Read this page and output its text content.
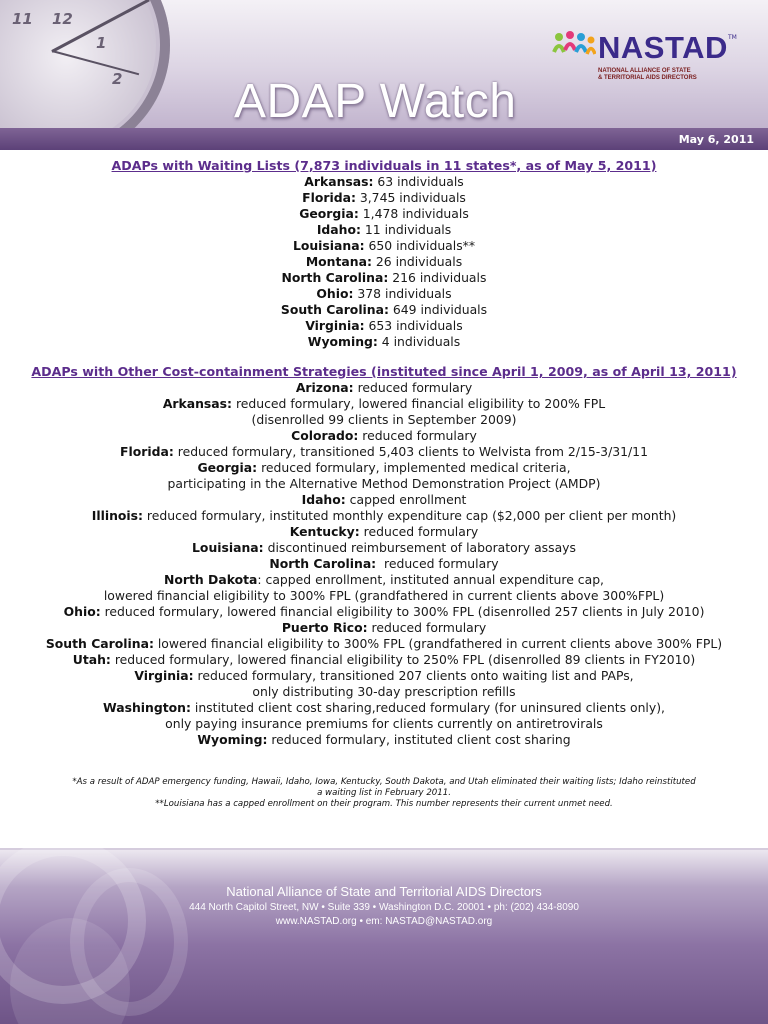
11 12
1
2 ADAP Watch
NASTAD TM
NATIONAL ALLIANCE OF STATE
& TERRITORIAL AIDS DIRECTORS
May 6, 2011
ADAPs with Waiting Lists (7,873 individuals in 11 states*, as of May 5, 2011)
Arkansas: 63 individuals
Florida: 3,745 individuals
Georgia: 1,478 individuals
Idaho: 11 individuals
Louisiana: 650 individuals**
Montana: 26 individuals
North Carolina: 216 individuals
Ohio: 378 individuals
South Carolina: 649 individuals
Virginia: 653 individuals
Wyoming: 4 individuals
ADAPs with Other Cost-containment Strategies (instituted since April 1, 2009, as of April 13, 2011)
Arizona: reduced formulary
Arkansas: reduced formulary, lowered financial eligibility to 200% FPL
(disenrolled 99 clients in September 2009)
Colorado: reduced formulary
Florida: reduced formulary, transitioned 5,403 clients to Welvista from 2/15-3/31/11
Georgia: reduced formulary, implemented medical criteria,
participating in the Alternative Method Demonstration Project (AMDP)
Idaho: capped enrollment
Illinois: reduced formulary, instituted monthly expenditure cap ($2,000 per client per month)
Kentucky: reduced formulary
Louisiana: discontinued reimbursement of laboratory assays
North Carolina:  reduced formulary
North Dakota: capped enrollment, instituted annual expenditure cap,
lowered financial eligibility to 300% FPL (grandfathered in current clients above 300%FPL)
Ohio: reduced formulary, lowered financial eligibility to 300% FPL (disenrolled 257 clients in July 2010)
Puerto Rico: reduced formulary
South Carolina: lowered financial eligibility to 300% FPL (grandfathered in current clients above 300% FPL)
Utah: reduced formulary, lowered financial eligibility to 250% FPL (disenrolled 89 clients in FY2010)
Virginia: reduced formulary, transitioned 207 clients onto waiting list and PAPs,
only distributing 30-day prescription refills
Washington: instituted client cost sharing,reduced formulary (for uninsured clients only),
only paying insurance premiums for clients currently on antiretrovirals
Wyoming: reduced formulary, instituted client cost sharing
*As a result of ADAP emergency funding, Hawaii, Idaho, Iowa, Kentucky, South Dakota, and Utah eliminated their waiting lists; Idaho reinstituted
a waiting list in February 2011.
**Louisiana has a capped enrollment on their program. This number represents their current unmet need.
National Alliance of State and Territorial AIDS Directors
444 North Capitol Street, NW • Suite 339 • Washington D.C. 20001 • ph: (202) 434-8090
www.NASTAD.org • em: NASTAD@NASTAD.org
